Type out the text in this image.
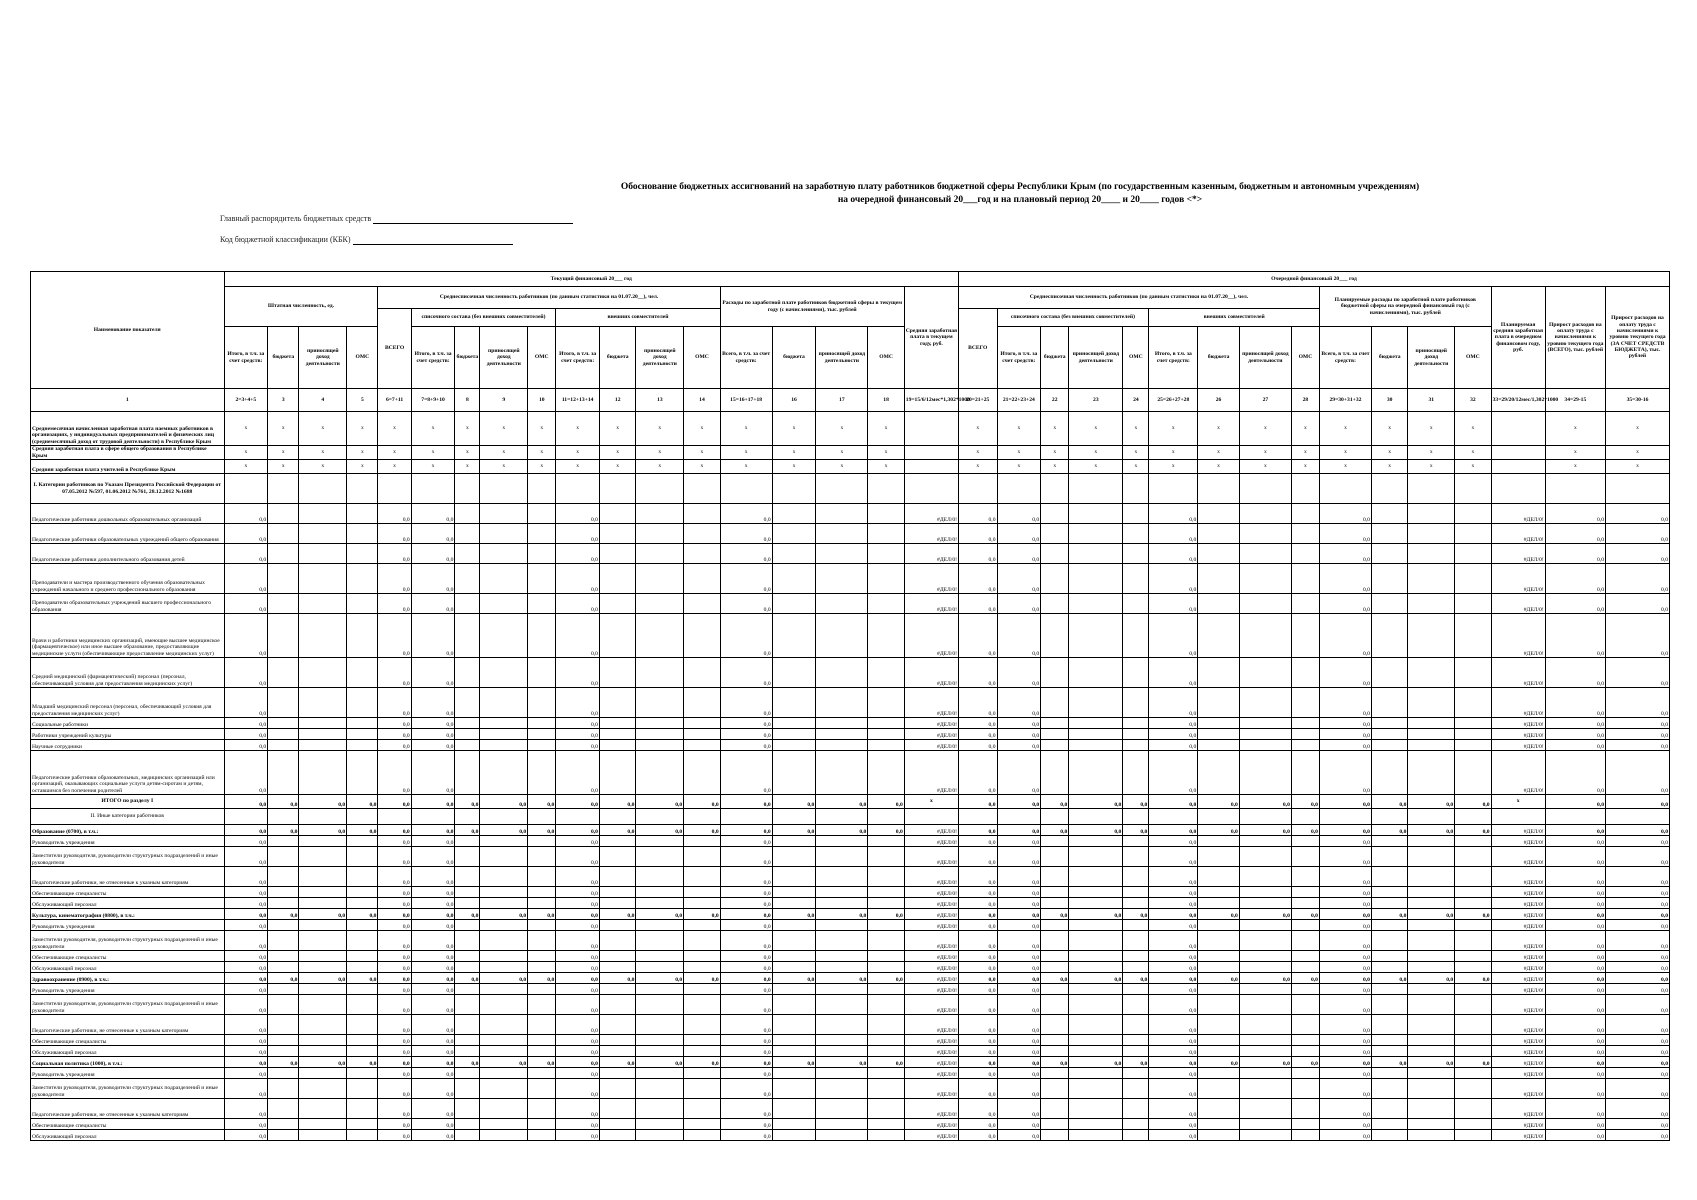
Обоснование бюджетных ассигнований на заработную плату работников бюджетной сферы Республики Крым (по государственным казенным, бюджетным и автономным учреждениям)
на очередной финансовый 20___год и на плановый период 20____ и 20____ годов <*>
Главный распорядитель бюджетных средств
Код бюджетной классификации (КБК)
Наименование показателя	Текущий финансовый 20___ год																		Очередной финансовый 20___ год															
	Штатная численность, ед.				Среднесписочная численность работников (по данным статистики на 01.07.20__), чел.									Расходы по заработной плате работников бюджетной сферы в текущем году (с начислениями), тыс. рублей				Средняя заработная плата в текущем году, руб.	Среднесписочная численность работников (по данным статистики на 01.07.20__), чел.									Планируемые расходы по заработной плате работников бюджетной сферы на очередной финансовый год (с начислениями), тыс. рублей				Планируемая средняя заработная плата в очередном финансовом году, руб.	Прирост расходов на оплату труда с начислениями к уровню текущего года (ВСЕГО), тыс. рублей	Прирост расходов на оплату труда с начислениями к уровню текущего года (ЗА СЧЕТ СРЕДСТВ БЮДЖЕТА), тыс. рублей
					ВСЕГО	списочного состава (без внешних совместителей)				внешних совместителей									ВСЕГО	списочного состава (без внешних совместителей)				внешних совместителей										
	Итого, в т.ч. за счет средств:	бюджета	приносящей доход деятельности	ОМС		Итого, в т.ч. за счет средств:	бюджета	приносящей доход деятельности	ОМС	Итого, в т.ч. за счет средств:	бюджета	приносящей доход деятельности	ОМС	Всего, в т.ч. за счет средств:	бюджета	приносящей доход деятельности	ОМС			Итого, в т.ч. за счет средств:	бюджета	приносящей доход деятельности	ОМС	Итого, в т.ч. за счет средств:	бюджета	приносящей доход деятельности	ОМС	Всего, в т.ч. за счет средств:	бюджета	приносящей доход деятельности	ОМС			
1	2=3+4+5	3	4	5	6=7+11	7=8+9+10	8	9	10	11=12+13+14	12	13	14	15=16+17+18	16	17	18	19=15/6/12мес*1,302*1000	20=21+25	21=22+23+24	22	23	24	25=26+27+28	26	27	28	29=30+31+32	30	31	32	33=29/20/12мес/1,302*1000	34=29-15	35=30-16
Среднемесячная начисленная заработная плата наемных работников в организациях, у индивидуальных предпринимателей и физических лиц (среднемесячный доход от трудовой деятельности) в Республике Крым	x	x	x	x	x	x	x	x	x	x	x	x	x	x	x	x	x		x	x	x	x	x	x	x	x	x	x	x	x	x		x	x
Средняя заработная плата в сфере общего образования в Республике Крым	x	x	x	x	x	x	x	x	x	x	x	x	x	x	x	x	x		x	x	x	x	x	x	x	x	x	x	x	x	x		x	x
Средняя заработная плата учителей в Республике Крым	x	x	x	x	x	x	x	x	x	x	x	x	x	x	x	x	x		x	x	x	x	x	x	x	x	x	x	x	x	x		x	x
I. Категории работников по Указам Президента Российской Федерации от 07.05.2012 №597, 01.06.2012 №761, 28.12.2012 №1688																																		
Педагогические работники дошкольных образовательных организаций	0,0				0,0	0,0				0,0				0,0				#ДЕЛ/0!	0,0	0,0				0,0				0,0				#ДЕЛ/0!	0,0	0,0
Педагогические работники образовательных учреждений общего образования	0,0				0,0	0,0				0,0				0,0				#ДЕЛ/0!	0,0	0,0				0,0				0,0				#ДЕЛ/0!	0,0	0,0
Педагогические работники дополнительного образования детей	0,0				0,0	0,0				0,0				0,0				#ДЕЛ/0!	0,0	0,0				0,0				0,0				#ДЕЛ/0!	0,0	0,0
Преподаватели и мастера производственного обучения образовательных учреждений начального и среднего профессионального образования	0,0				0,0	0,0				0,0				0,0				#ДЕЛ/0!	0,0	0,0				0,0				0,0				#ДЕЛ/0!	0,0	0,0
Преподаватели образовательных учреждений высшего профессионального образования	0,0				0,0	0,0				0,0				0,0				#ДЕЛ/0!	0,0	0,0				0,0				0,0				#ДЕЛ/0!	0,0	0,0
Врачи и работники медицинских организаций, имеющие высшее медицинское (фармацевтическое) или иное высшее образование, предоставляющие медицинские услуги (обеспечивающие предоставление медицинских услуг)	0,0				0,0	0,0				0,0				0,0				#ДЕЛ/0!	0,0	0,0				0,0				0,0				#ДЕЛ/0!	0,0	0,0
Средний медицинский (фармацевтический) персонал (персонал, обеспечивающий условия для предоставления медицинских услуг)	0,0				0,0	0,0				0,0				0,0				#ДЕЛ/0!	0,0	0,0				0,0				0,0				#ДЕЛ/0!	0,0	0,0
Младший медицинский персонал (персонал, обеспечивающий условия для предоставления медицинских услуг)	0,0				0,0	0,0				0,0				0,0				#ДЕЛ/0!	0,0	0,0				0,0				0,0				#ДЕЛ/0!	0,0	0,0
Социальные работники	0,0				0,0	0,0				0,0				0,0				#ДЕЛ/0!	0,0	0,0				0,0				0,0				#ДЕЛ/0!	0,0	0,0
Работники учреждений культуры	0,0				0,0	0,0				0,0				0,0				#ДЕЛ/0!	0,0	0,0				0,0				0,0				#ДЕЛ/0!	0,0	0,0
Научные сотрудники	0,0				0,0	0,0				0,0				0,0				#ДЕЛ/0!	0,0	0,0				0,0				0,0				#ДЕЛ/0!	0,0	0,0
Педагогические работники образовательных, медицинских организаций или организаций, оказывающих социальные услуги детям-сиротам и детям, оставшимся без попечения родителей	0,0				0,0	0,0				0,0				0,0				#ДЕЛ/0!	0,0	0,0				0,0				0,0				#ДЕЛ/0!	0,0	0,0
ИТОГО по разделу I	0,0	0,0	0,0	0,0	0,0	0,0	0,0	0,0	0,0	0,0	0,0	0,0	0,0	0,0	0,0	0,0	0,0	x	0,0	0,0	0,0	0,0	0,0	0,0	0,0	0,0	0,0	0,0	0,0	0,0	0,0	x	0,0	0,0
II. Иные категории работников																																		
Образование (0700), в т.ч.:	0,0	0,0	0,0	0,0	0,0	0,0	0,0	0,0	0,0	0,0	0,0	0,0	0,0	0,0	0,0	0,0	0,0	#ДЕЛ/0!	0,0	0,0	0,0	0,0	0,0	0,0	0,0	0,0	0,0	0,0	0,0	0,0	0,0	#ДЕЛ/0!	0,0	0,0
Руководитель учреждения	0,0				0,0	0,0				0,0				0,0				#ДЕЛ/0!	0,0	0,0				0,0				0,0				#ДЕЛ/0!	0,0	0,0
Заместители руководителя, руководители структурных подразделений и иные руководители	0,0				0,0	0,0				0,0				0,0				#ДЕЛ/0!	0,0	0,0				0,0				0,0				#ДЕЛ/0!	0,0	0,0
Педагогические работники, не отнесенные к указным категориям	0,0				0,0	0,0				0,0				0,0				#ДЕЛ/0!	0,0	0,0				0,0				0,0				#ДЕЛ/0!	0,0	0,0
Обеспечивающие специалисты	0,0				0,0	0,0				0,0				0,0				#ДЕЛ/0!	0,0	0,0				0,0				0,0				#ДЕЛ/0!	0,0	0,0
Обслуживающий персонал	0,0				0,0	0,0				0,0				0,0				#ДЕЛ/0!	0,0	0,0				0,0				0,0				#ДЕЛ/0!	0,0	0,0
Культура, кинематография (0800), в т.ч.:	0,0	0,0	0,0	0,0	0,0	0,0	0,0	0,0	0,0	0,0	0,0	0,0	0,0	0,0	0,0	0,0	0,0	#ДЕЛ/0!	0,0	0,0	0,0	0,0	0,0	0,0	0,0	0,0	0,0	0,0	0,0	0,0	0,0	#ДЕЛ/0!	0,0	0,0
Руководитель учреждения	0,0				0,0	0,0				0,0				0,0				#ДЕЛ/0!	0,0	0,0				0,0				0,0				#ДЕЛ/0!	0,0	0,0
Заместители руководителя, руководители структурных подразделений и иные руководители	0,0				0,0	0,0				0,0				0,0				#ДЕЛ/0!	0,0	0,0				0,0				0,0				#ДЕЛ/0!	0,0	0,0
Обеспечивающие специалисты	0,0				0,0	0,0				0,0				0,0				#ДЕЛ/0!	0,0	0,0				0,0				0,0				#ДЕЛ/0!	0,0	0,0
Обслуживающий персонал	0,0				0,0	0,0				0,0				0,0				#ДЕЛ/0!	0,0	0,0				0,0				0,0				#ДЕЛ/0!	0,0	0,0
Здравоохранение (0900), в т.ч.:	0,0	0,0	0,0	0,0	0,0	0,0	0,0	0,0	0,0	0,0	0,0	0,0	0,0	0,0	0,0	0,0	0,0	#ДЕЛ/0!	0,0	0,0	0,0	0,0	0,0	0,0	0,0	0,0	0,0	0,0	0,0	0,0	0,0	#ДЕЛ/0!	0,0	0,0
Руководитель учреждения	0,0				0,0	0,0				0,0				0,0				#ДЕЛ/0!	0,0	0,0				0,0				0,0				#ДЕЛ/0!	0,0	0,0
Заместители руководителя, руководители структурных подразделений и иные руководители	0,0				0,0	0,0				0,0				0,0				#ДЕЛ/0!	0,0	0,0				0,0				0,0				#ДЕЛ/0!	0,0	0,0
Педагогические работники, не отнесенные к указным категориям	0,0				0,0	0,0				0,0				0,0				#ДЕЛ/0!	0,0	0,0				0,0				0,0				#ДЕЛ/0!	0,0	0,0
Обеспечивающие специалисты	0,0				0,0	0,0				0,0				0,0				#ДЕЛ/0!	0,0	0,0				0,0				0,0				#ДЕЛ/0!	0,0	0,0
Обслуживающий персонал	0,0				0,0	0,0				0,0				0,0				#ДЕЛ/0!	0,0	0,0				0,0				0,0				#ДЕЛ/0!	0,0	0,0
Социальная политика (1000), в т.ч.:	0,0	0,0	0,0	0,0	0,0	0,0	0,0	0,0	0,0	0,0	0,0	0,0	0,0	0,0	0,0	0,0	0,0	#ДЕЛ/0!	0,0	0,0	0,0	0,0	0,0	0,0	0,0	0,0	0,0	0,0	0,0	0,0	0,0	#ДЕЛ/0!	0,0	0,0
Руководитель учреждения	0,0				0,0	0,0				0,0				0,0				#ДЕЛ/0!	0,0	0,0				0,0				0,0				#ДЕЛ/0!	0,0	0,0
Заместители руководителя, руководители структурных подразделений и иные руководители	0,0				0,0	0,0				0,0				0,0				#ДЕЛ/0!	0,0	0,0				0,0				0,0				#ДЕЛ/0!	0,0	0,0
Педагогические работники, не отнесенные к указным категориям	0,0				0,0	0,0				0,0				0,0				#ДЕЛ/0!	0,0	0,0				0,0				0,0				#ДЕЛ/0!	0,0	0,0
Обеспечивающие специалисты	0,0				0,0	0,0				0,0				0,0				#ДЕЛ/0!	0,0	0,0				0,0				0,0				#ДЕЛ/0!	0,0	0,0
Обслуживающий персонал	0,0				0,0	0,0				0,0				0,0				#ДЕЛ/0!	0,0	0,0				0,0				0,0				#ДЕЛ/0!	0,0	0,0
